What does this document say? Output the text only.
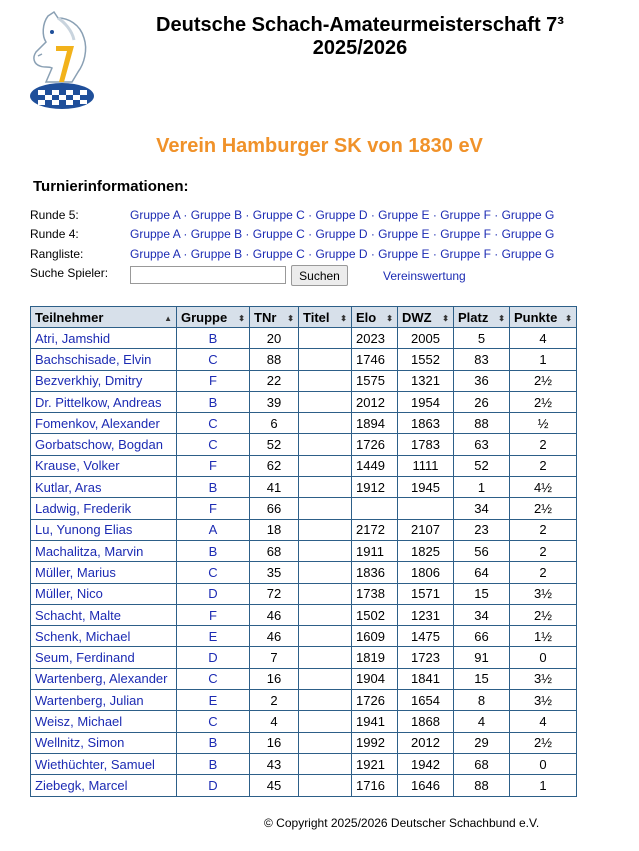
Deutsche Schach-Amateurmeisterschaft 7³
2025/2026
Verein Hamburger SK von 1830 eV
Turnierinformationen:
Runde 5:	Gruppe A · Gruppe B · Gruppe C · Gruppe D · Gruppe E · Gruppe F · Gruppe G
Runde 4:	Gruppe A · Gruppe B · Gruppe C · Gruppe D · Gruppe E · Gruppe F · Gruppe G
Rangliste:	Gruppe A · Gruppe B · Gruppe C · Gruppe D · Gruppe E · Gruppe F · Gruppe G
Suche Spieler:	Suchen	Vereinswertung
Teilnehmer ▲	Gruppe ⬍	TNr ⬍	Titel ⬍	Elo ⬍	DWZ ⬍	Platz ⬍	Punkte ⬍

Atri, Jamshid	B	20		2023	2005	5	4
Bachschisade, Elvin	C	88		1746	1552	83	1
Bezverkhiy, Dmitry	F	22		1575	1321	36	2½
Dr. Pittelkow, Andreas	B	39		2012	1954	26	2½
Fomenkov, Alexander	C	6		1894	1863	88	½
Gorbatschow, Bogdan	C	52		1726	1783	63	2
Krause, Volker	F	62		1449	1111	52	2
Kutlar, Aras	B	41		1912	1945	1	4½
Ladwig, Frederik	F	66				34	2½
Lu, Yunong Elias	A	18		2172	2107	23	2
Machalitza, Marvin	B	68		1911	1825	56	2
Müller, Marius	C	35		1836	1806	64	2
Müller, Nico	D	72		1738	1571	15	3½
Schacht, Malte	F	46		1502	1231	34	2½
Schenk, Michael	E	46		1609	1475	66	1½
Seum, Ferdinand	D	7		1819	1723	91	0
Wartenberg, Alexander	C	16		1904	1841	15	3½
Wartenberg, Julian	E	2		1726	1654	8	3½
Weisz, Michael	C	4		1941	1868	4	4
Wellnitz, Simon	B	16		1992	2012	29	2½
Wiethüchter, Samuel	B	43		1921	1942	68	0
Ziebegk, Marcel	D	45		1716	1646	88	1
© Copyright 2025/2026 Deutscher Schachbund e.V.
